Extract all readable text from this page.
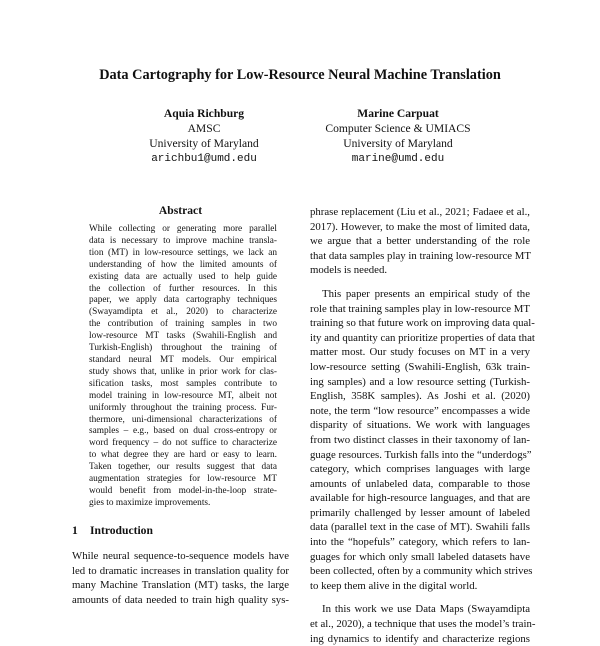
Data Cartography for Low-Resource Neural Machine Translation
Aquia Richburg
AMSC
University of Maryland
arichbu1@umd.edu
Marine Carpuat
Computer Science & UMIACS
University of Maryland
marine@umd.edu
Abstract
While collecting or generating more parallel
data is necessary to improve machine transla-
tion (MT) in low-resource settings, we lack an
understanding of how the limited amounts of
existing data are actually used to help guide
the collection of further resources. In this
paper, we apply data cartography techniques
(Swayamdipta et al., 2020) to characterize
the contribution of training samples in two
low-resource MT tasks (Swahili-English and
Turkish-English) throughout the training of
standard neural MT models. Our empirical
study shows that, unlike in prior work for clas-
sification tasks, most samples contribute to
model training in low-resource MT, albeit not
uniformly throughout the training process. Fur-
thermore, uni-dimensional characterizations of
samples – e.g., based on dual cross-entropy or
word frequency – do not suffice to characterize
to what degree they are hard or easy to learn.
Taken together, our results suggest that data
augmentation strategies for low-resource MT
would benefit from model-in-the-loop strate-
gies to maximize improvements.
1 Introduction
While neural sequence-to-sequence models have
led to dramatic increases in translation quality for
many Machine Translation (MT) tasks, the large
amounts of data needed to train high quality sys-
phrase replacement (Liu et al., 2021; Fadaee et al.,
2017). However, to make the most of limited data,
we argue that a better understanding of the role
that data samples play in training low-resource MT
models is needed.
This paper presents an empirical study of the
role that training samples play in low-resource MT
training so that future work on improving data qual-
ity and quantity can prioritize properties of data that
matter most. Our study focuses on MT in a very
low-resource setting (Swahili-English, 63k train-
ing samples) and a low resource setting (Turkish-
English, 358K samples). As Joshi et al. (2020)
note, the term “low resource” encompasses a wide
disparity of situations. We work with languages
from two distinct classes in their taxonomy of lan-
guage resources. Turkish falls into the “underdogs”
category, which comprises languages with large
amounts of unlabeled data, comparable to those
available for high-resource languages, and that are
primarily challenged by lesser amount of labeled
data (parallel text in the case of MT). Swahili falls
into the “hopefuls” category, which refers to lan-
guages for which only small labeled datasets have
been collected, often by a community which strives
to keep them alive in the digital world.
In this work we use Data Maps (Swayamdipta
et al., 2020), a technique that uses the model’s train-
ing dynamics to identify and characterize regions
